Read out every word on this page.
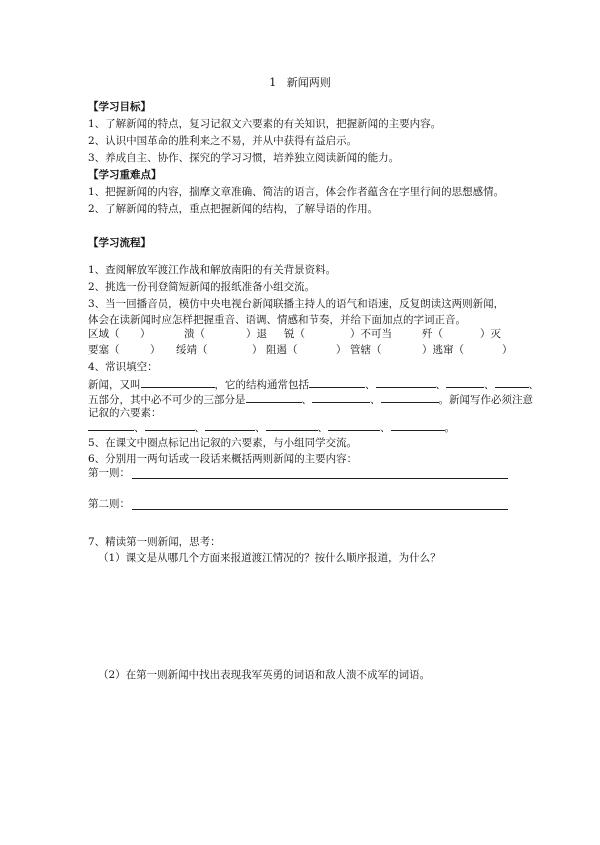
1 新闻两则
【学习目标】
1、了解新闻的特点，复习记叙文六要素的有关知识，把握新闻的主要内容。
2、认识中国革命的胜利来之不易，并从中获得有益启示。
3、养成自主、协作、探究的学习习惯，培养独立阅读新闻的能力。
【学习重难点】
1、把握新闻的内容，揣摩文章准确、简洁的语言，体会作者蕴含在字里行间的思想感情。
2、了解新闻的特点，重点把握新闻的结构，了解导语的作用。
【学习流程】
1、查阅解放军渡江作战和解放南阳的有关背景资料。
2、挑选一份刊登简短新闻的报纸准备小组交流。
3、当一回播音员，模仿中央电视台新闻联播主持人的语气和语速，反复朗读这两则新闻，
体会在读新闻时应怎样把握重音、语调、情感和节奏，并给下面加点的字词正音。
区域（ ）	溃（	）退 锐（	）不可当	歼（	）灭
要塞（	） 绥靖（	） 阻遏（	） 管辖（	）逃窜（	）
4、常识填空：
新闻，又叫	，它的结构通常包括	、	、	、	、
五部分，其中必不可少的三部分是	、	、	。新闻写作必须注意
记叙的六要素：
、	、	、	、	、	。
5、在课文中圈点标记出记叙的六要素，与小组同学交流。
6、分别用一两句话或一段话来概括两则新闻的主要内容：
第一则：
第二则：
7、精读第一则新闻，思考：
（1）课文是从哪几个方面来报道渡江情况的？按什么顺序报道，为什么？
（2）在第一则新闻中找出表现我军英勇的词语和敌人溃不成军的词语。
